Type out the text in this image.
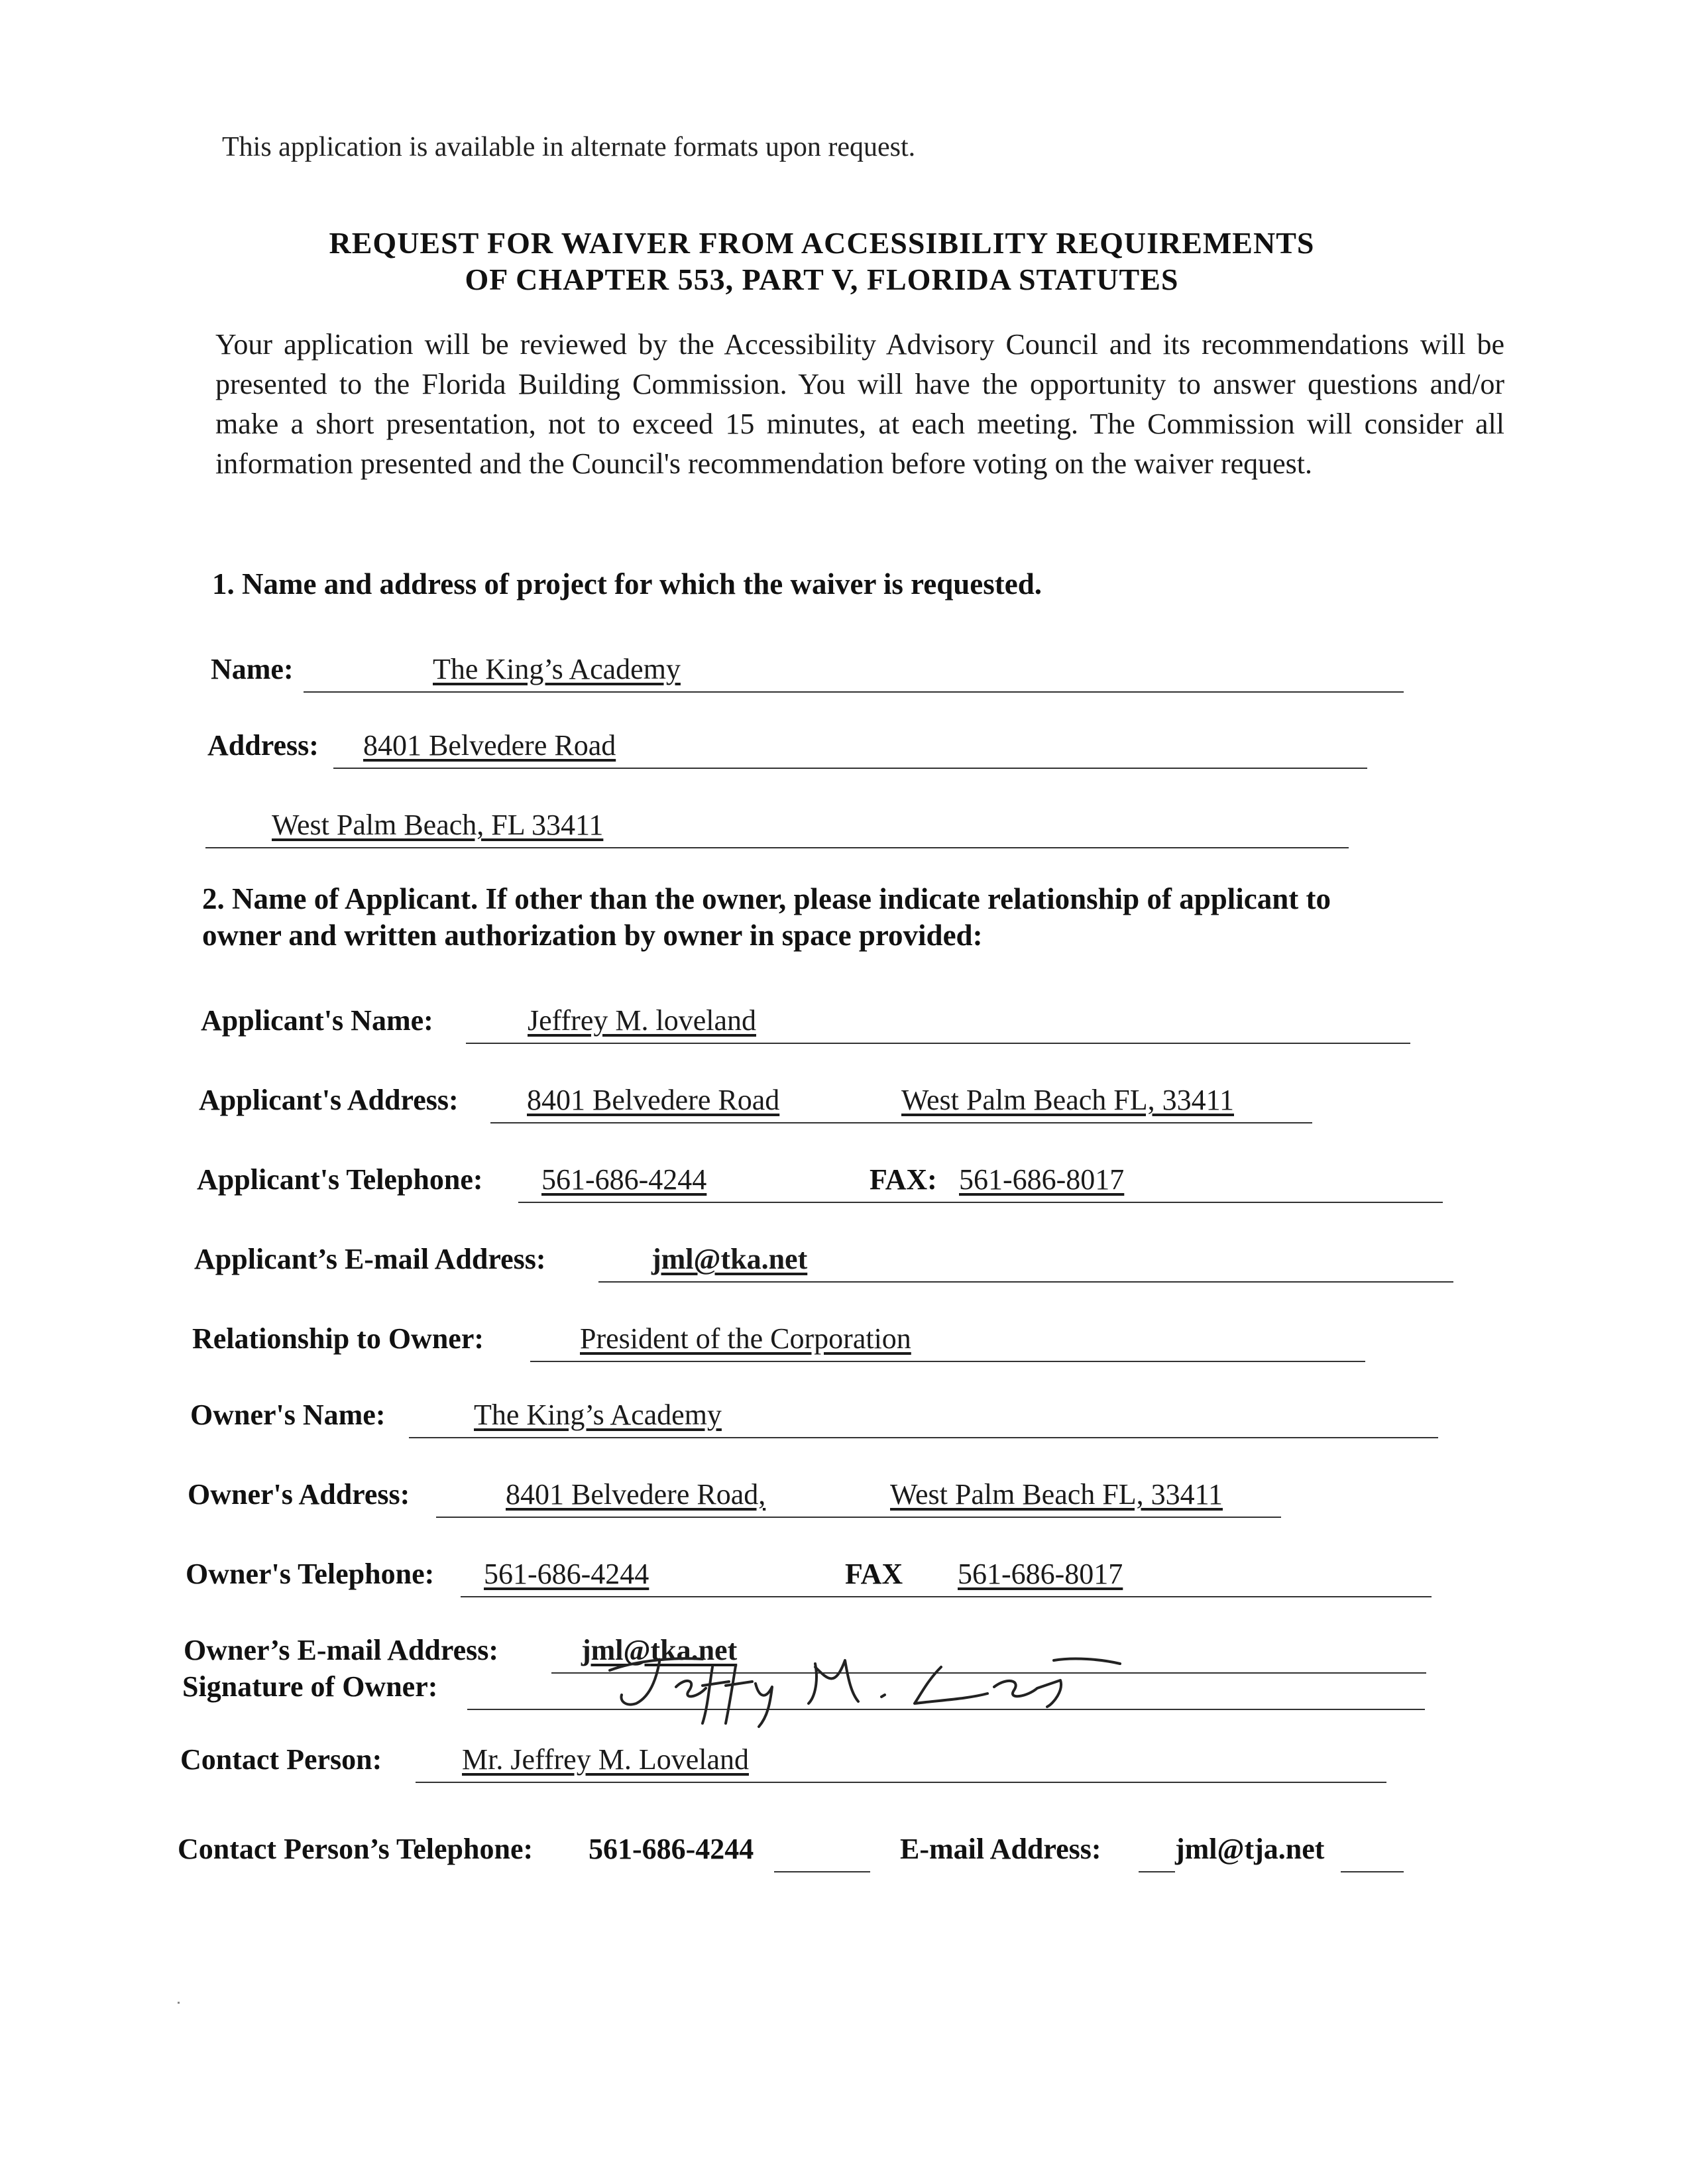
This application is available in alternate formats upon request.
REQUEST FOR WAIVER FROM ACCESSIBILITY REQUIREMENTS
OF CHAPTER 553, PART V, FLORIDA STATUTES
Your application will be reviewed by the Accessibility Advisory Council and its recommendations will be presented to the Florida Building Commission. You will have the opportunity to answer questions and/or make a short presentation, not to exceed 15 minutes, at each meeting. The Commission will consider all information presented and the Council's recommendation before voting on the waiver request.
1. Name and address of project for which the waiver is requested.
Name:	The King’s Academy
Address: 8401 Belvedere Road
West Palm Beach, FL 33411
2. Name of Applicant. If other than the owner, please indicate relationship of applicant to
owner and written authorization by owner in space provided:
Applicant's Name:	Jeffrey M. loveland
Applicant's Address: 8401 Belvedere Road	West Palm Beach FL, 33411
Applicant's Telephone: 561-686-4244	FAX: 561-686-8017
Applicant’s E-mail Address:	jml@tka.net
Relationship to Owner:	President of the Corporation
Owner's Name:	The King’s Academy
Owner's Address:	8401 Belvedere Road,	West Palm Beach FL, 33411
Owner's Telephone: 561-686-4244	FAX 561-686-8017
Owner’s E-mail Address:	jml@tka.net
Signature of Owner:
Contact Person:	Mr. Jeffrey M. Loveland
Contact Person’s Telephone: 561-686-4244	E-mail Address:	jml@tja.net
